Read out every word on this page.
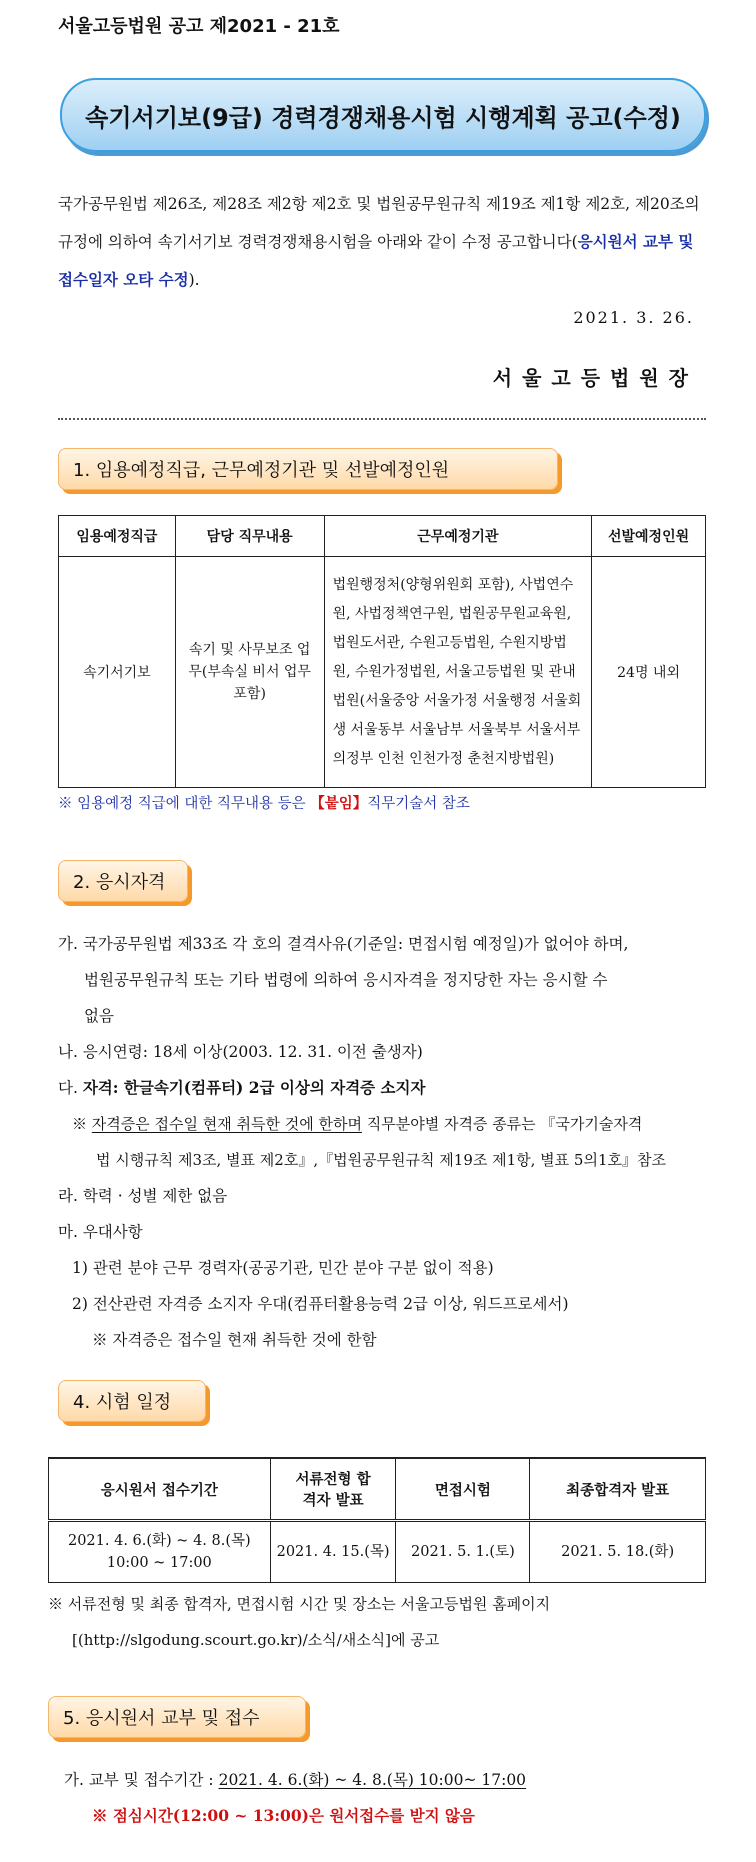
서울고등법원 공고 제2021 - 21호
속기서기보(9급) 경력경쟁채용시험 시행계획 공고(수정)
국가공무원법 제26조, 제28조 제2항 제2호 및 법원공무원규칙 제19조 제1항 제2호, 제20조의 규정에 의하여 속기서기보 경력경쟁채용시험을 아래와 같이 수정 공고합니다(응시원서 교부 및 접수일자 오타 수정).
2021. 3. 26.
서울고등법원장
1. 임용예정직급, 근무예정기관 및 선발예정인원
임용예정직급	담당 직무내용	근무예정기관	선발예정인원
속기서기보	속기 및 사무보조 업무(부속실 비서 업무 포함)	법원행정처(양형위원회 포함), 사법연수원, 사법정책연구원, 법원공무원교육원, 법원도서관, 수원고등법원, 수원지방법원, 수원가정법원, 서울고등법원 및 관내 법원(서울중앙 서울가정 서울행정 서울회생 서울동부 서울남부 서울북부 서울서부 의정부 인천 인천가정 춘천지방법원)	24명 내외
※ 임용예정 직급에 대한 직무내용 등은 【붙임】직무기술서 참조
2. 응시자격
가. 국가공무원법 제33조 각 호의 결격사유(기준일: 면접시험 예정일)가 없어야 하며,
법원공무원규칙 또는 기타 법령에 의하여 응시자격을 정지당한 자는 응시할 수
없음
나. 응시연령: 18세 이상(2003. 12. 31. 이전 출생자)
다. 자격: 한글속기(컴퓨터) 2급 이상의 자격증 소지자
※ 자격증은 접수일 현재 취득한 것에 한하며 직무분야별 자격증 종류는 『국가기술자격
법 시행규칙 제3조, 별표 제2호』,『법원공무원규칙 제19조 제1항, 별표 5의1호』참조
라. 학력 · 성별 제한 없음
마. 우대사항
1) 관련 분야 근무 경력자(공공기관, 민간 분야 구분 없이 적용)
2) 전산관련 자격증 소지자 우대(컴퓨터활용능력 2급 이상, 워드프로세서)
※ 자격증은 접수일 현재 취득한 것에 한함
4. 시험 일정
응시원서 접수기간	서류전형 합격자 발표	면접시험	최종합격자 발표
2021. 4. 6.(화) ~ 4. 8.(목) 10:00 ~ 17:00	2021. 4. 15.(목)	2021. 5. 1.(토)	2021. 5. 18.(화)
※ 서류전형 및 최종 합격자, 면접시험 시간 및 장소는 서울고등법원 홈페이지
[(http://slgodung.scourt.go.kr)/소식/새소식]에 공고
5. 응시원서 교부 및 접수
가. 교부 및 접수기간 : 2021. 4. 6.(화) ~ 4. 8.(목) 10:00~ 17:00
※ 점심시간(12:00 ~ 13:00)은 원서접수를 받지 않음
